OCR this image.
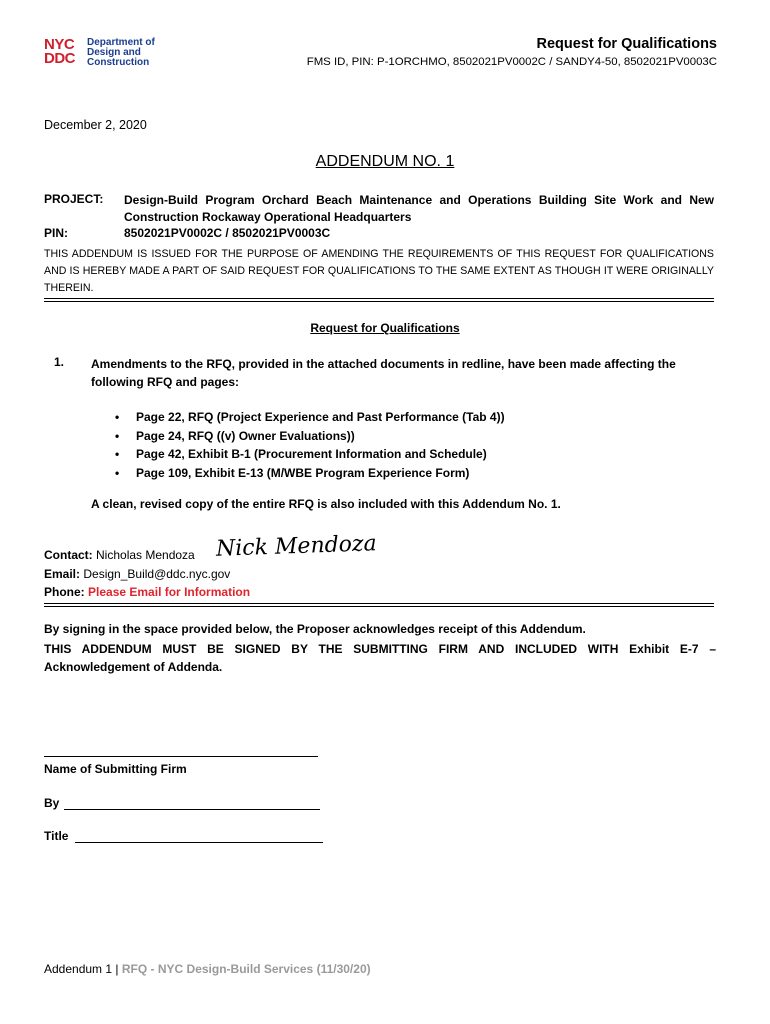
NYC
DDC
Department of
Design and
Construction
Request for Qualifications
FMS ID, PIN: P-1ORCHMO, 8502021PV0002C / SANDY4-50, 8502021PV0003C
December 2, 2020
ADDENDUM NO. 1
PROJECT: Design-Build Program Orchard Beach Maintenance and Operations Building Site Work and New Construction Rockaway Operational Headquarters
PIN:	8502021PV0002C / 8502021PV0003C
THIS ADDENDUM IS ISSUED FOR THE PURPOSE OF AMENDING THE REQUIREMENTS OF THIS REQUEST FOR QUALIFICATIONS AND IS HEREBY MADE A PART OF SAID REQUEST FOR QUALIFICATIONS TO THE SAME EXTENT AS THOUGH IT WERE ORIGINALLY THEREIN.
Request for Qualifications
1. Amendments to the RFQ, provided in the attached documents in redline, have been made affecting the following RFQ and pages:
• Page 22, RFQ (Project Experience and Past Performance (Tab 4))
• Page 24, RFQ ((v) Owner Evaluations))
• Page 42, Exhibit B-1 (Procurement Information and Schedule)
• Page 109, Exhibit E-13 (M/WBE Program Experience Form)
A clean, revised copy of the entire RFQ is also included with this Addendum No. 1.
Contact: Nicholas Mendoza Nick Mendoza
Email: Design_Build@ddc.nyc.gov
Phone: Please Email for Information
By signing in the space provided below, the Proposer acknowledges receipt of this Addendum.
THIS ADDENDUM MUST BE SIGNED BY THE SUBMITTING FIRM AND INCLUDED WITH Exhibit E-7 – Acknowledgement of Addenda.
Name of Submitting Firm
By
Title
Addendum 1 | RFQ - NYC Design-Build Services (11/30/20)
